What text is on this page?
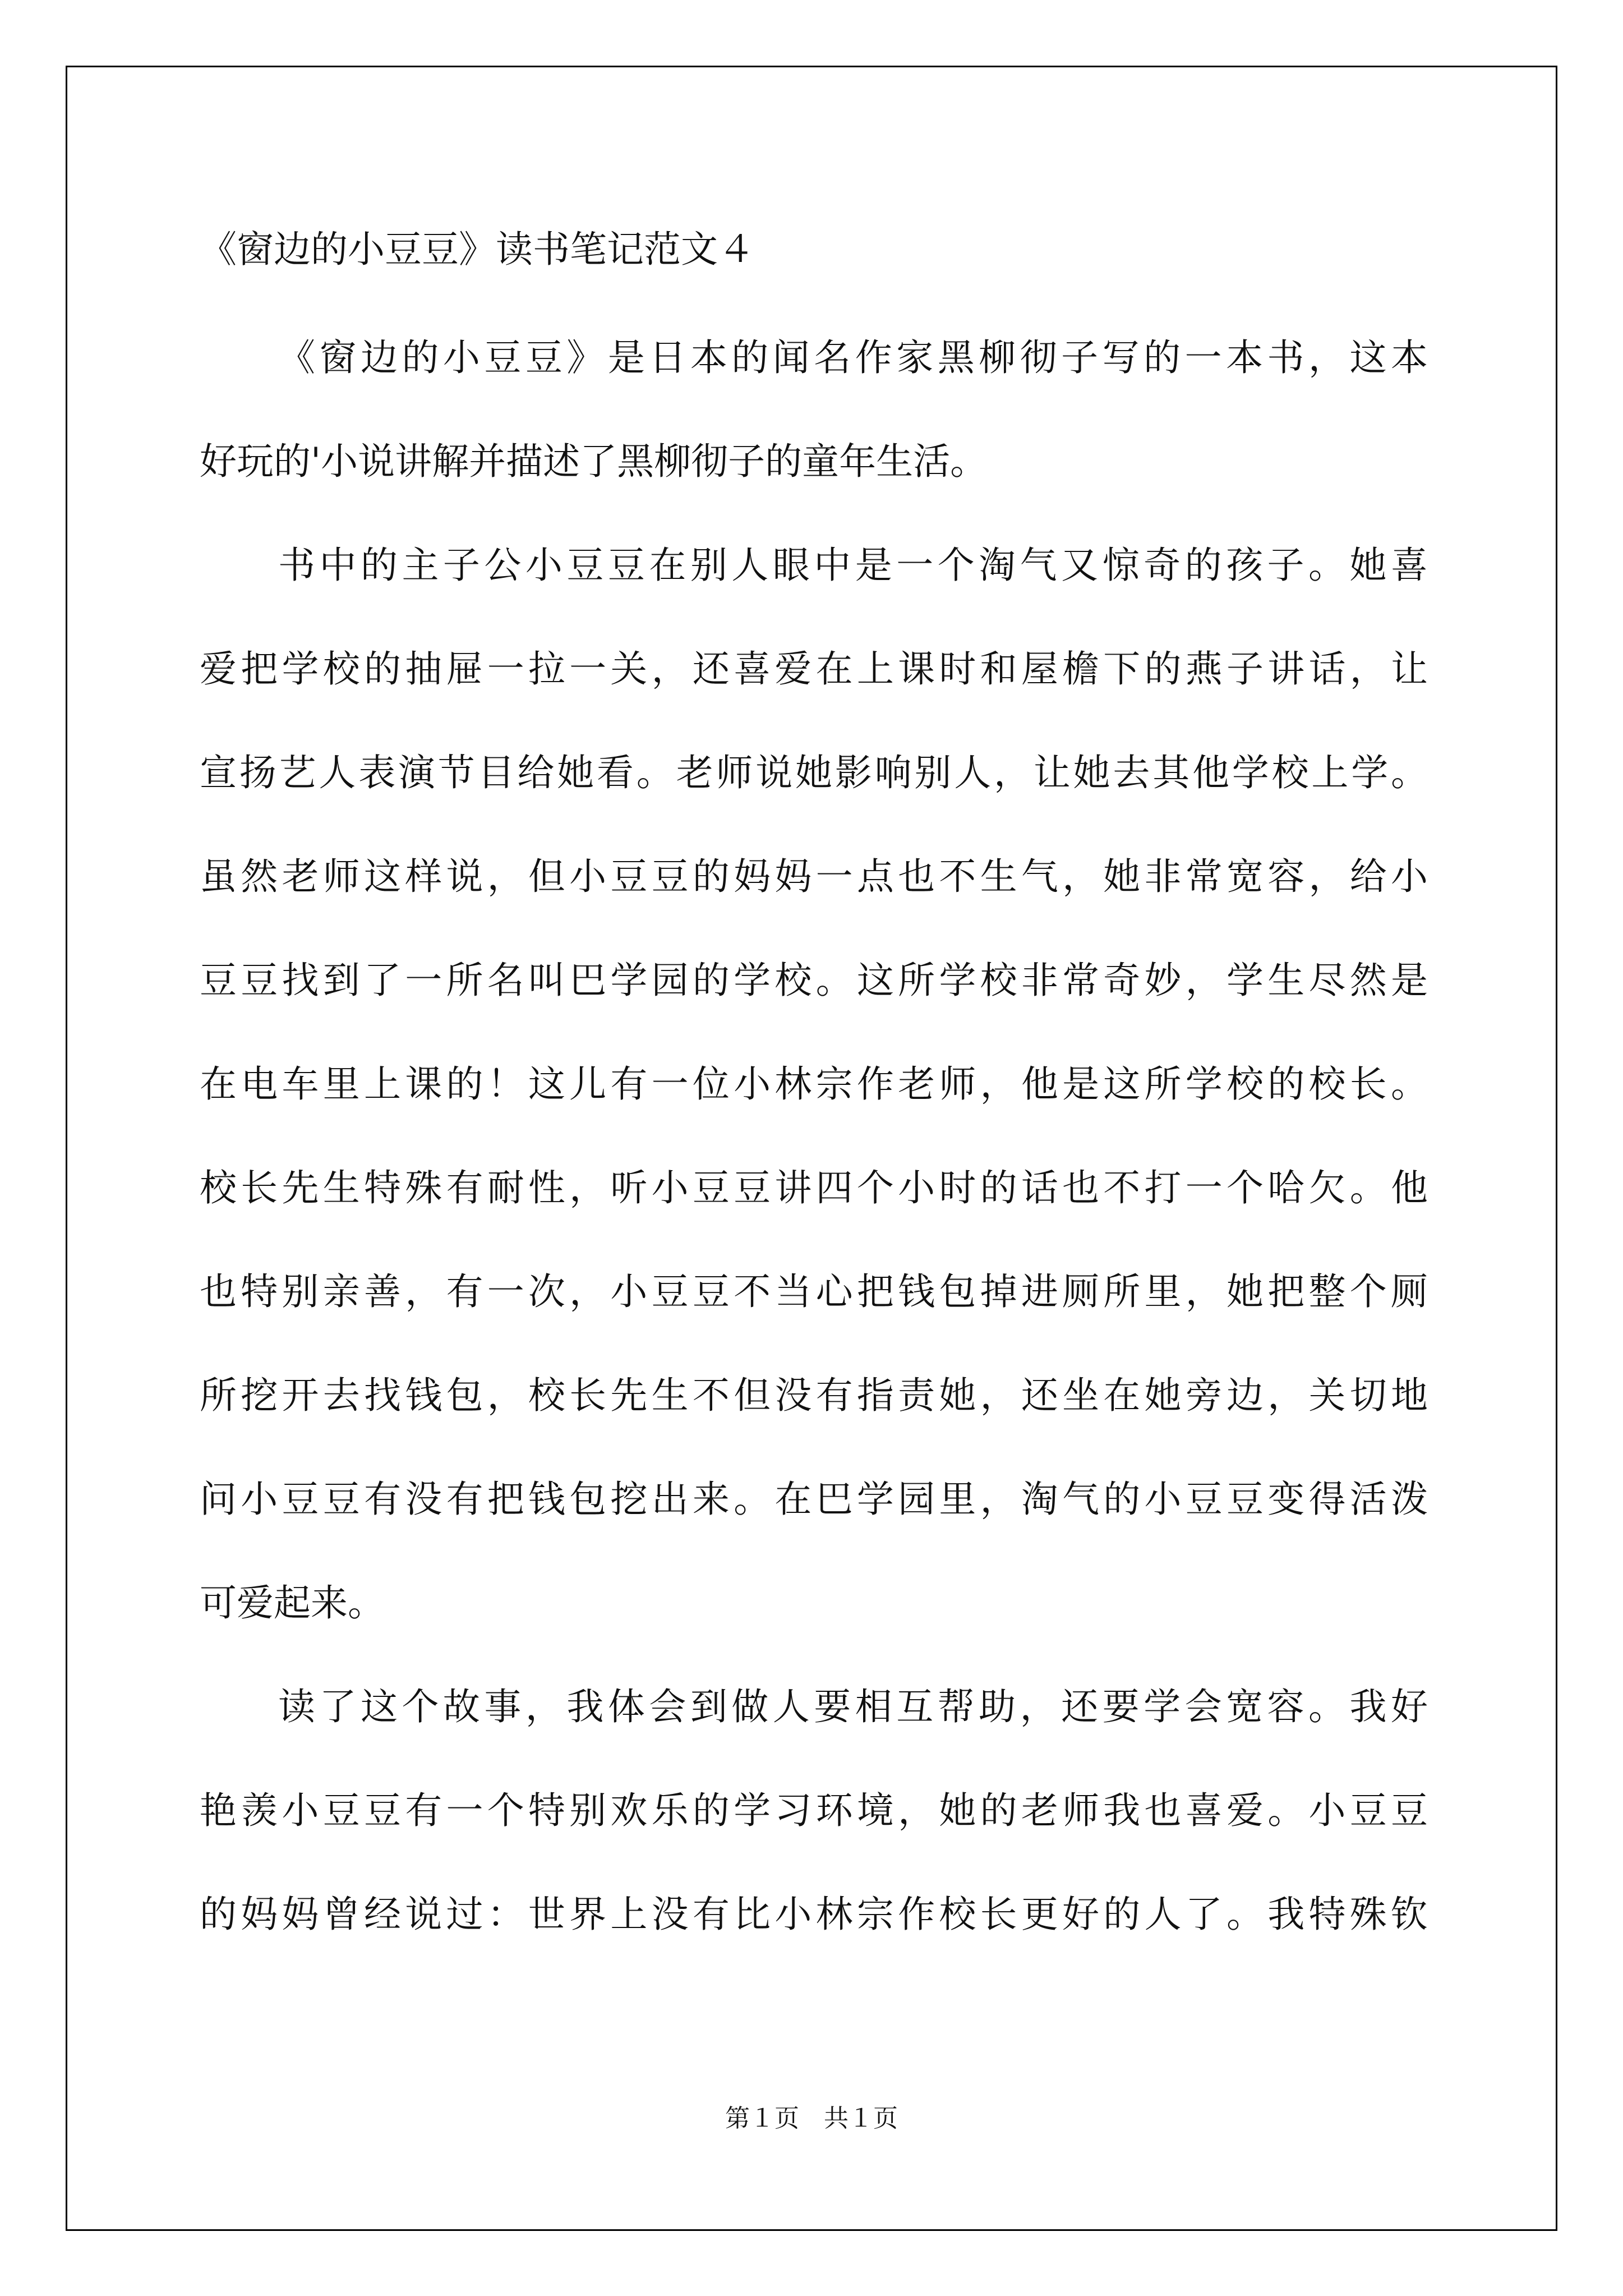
《窗边的小豆豆》读书笔记范文４
《窗边的小豆豆》是日本的闻名作家黑柳彻子写的一本书，这本
好玩的'小说讲解并描述了黑柳彻子的童年生活。
书中的主子公小豆豆在别人眼中是一个淘气又惊奇的孩子。她喜
爱把学校的抽屉一拉一关，还喜爱在上课时和屋檐下的燕子讲话，让
宣扬艺人表演节目给她看。老师说她影响别人，让她去其他学校上学。
虽然老师这样说，但小豆豆的妈妈一点也不生气，她非常宽容，给小
豆豆找到了一所名叫巴学园的学校。这所学校非常奇妙，学生尽然是
在电车里上课的！这儿有一位小林宗作老师，他是这所学校的校长。
校长先生特殊有耐性，听小豆豆讲四个小时的话也不打一个哈欠。他
也特别亲善，有一次，小豆豆不当心把钱包掉进厕所里，她把整个厕
所挖开去找钱包，校长先生不但没有指责她，还坐在她旁边，关切地
问小豆豆有没有把钱包挖出来。在巴学园里，淘气的小豆豆变得活泼
可爱起来。
读了这个故事，我体会到做人要相互帮助，还要学会宽容。我好
艳羡小豆豆有一个特别欢乐的学习环境，她的老师我也喜爱。小豆豆
的妈妈曾经说过：世界上没有比小林宗作校长更好的人了。我特殊钦
第１页　共１页
